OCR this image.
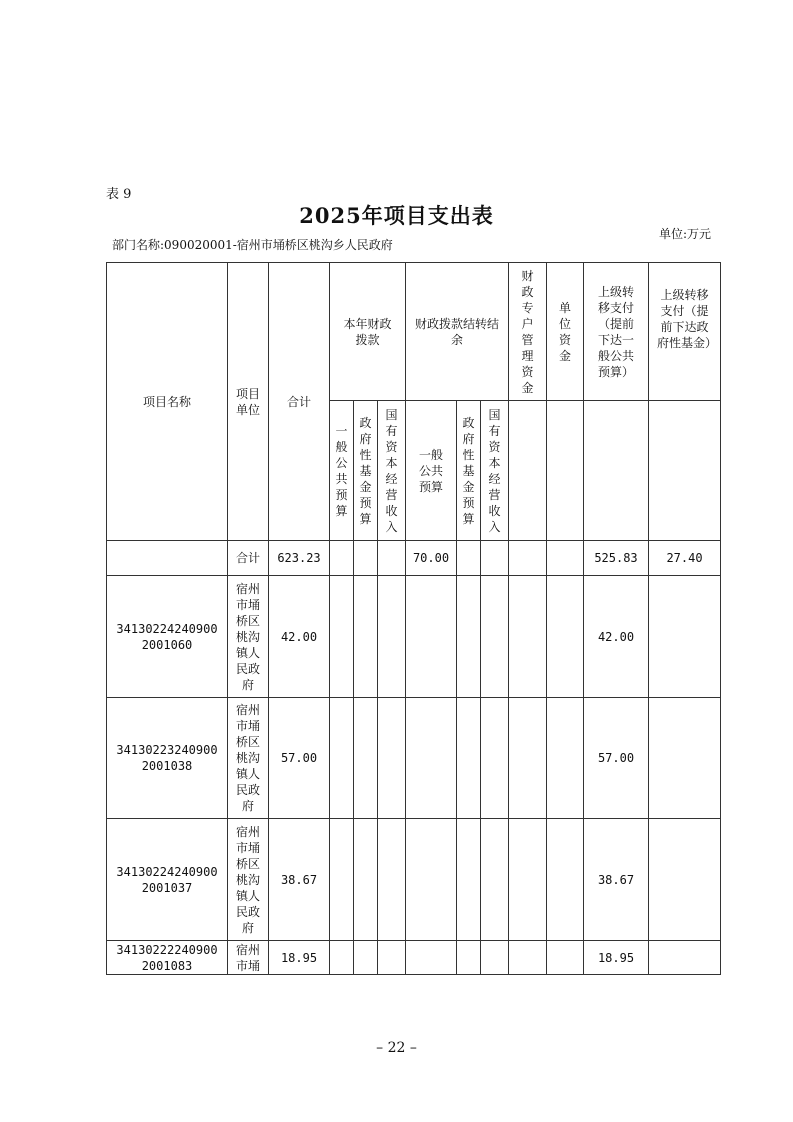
表 9
2025年项目支出表
部门名称:090020001-宿州市埇桥区桃沟乡人民政府
单位:万元
项目名称	项目单位	合计	本年财政拨款			财政拨款结转结余			财政专户管理资金	单位资金	上级转移支付（提前下达一般公共预算）	上级转移支付（提前下达政府性基金）
			一般公共预算	政府性基金预算	国有资本经营收入	一般公共预算	政府性基金预算	国有资本经营收入				
	合计	623.23				70.00					525.83	27.40
341302242409002001060	宿州市埇桥区桃沟镇人民政府	42.00									42.00	
341302232409002001038	宿州市埇桥区桃沟镇人民政府	57.00									57.00	
341302242409002001037	宿州市埇桥区桃沟镇人民政府	38.67									38.67	
341302222409002001083	宿州市埇	18.95									18.95	
– 22 –
